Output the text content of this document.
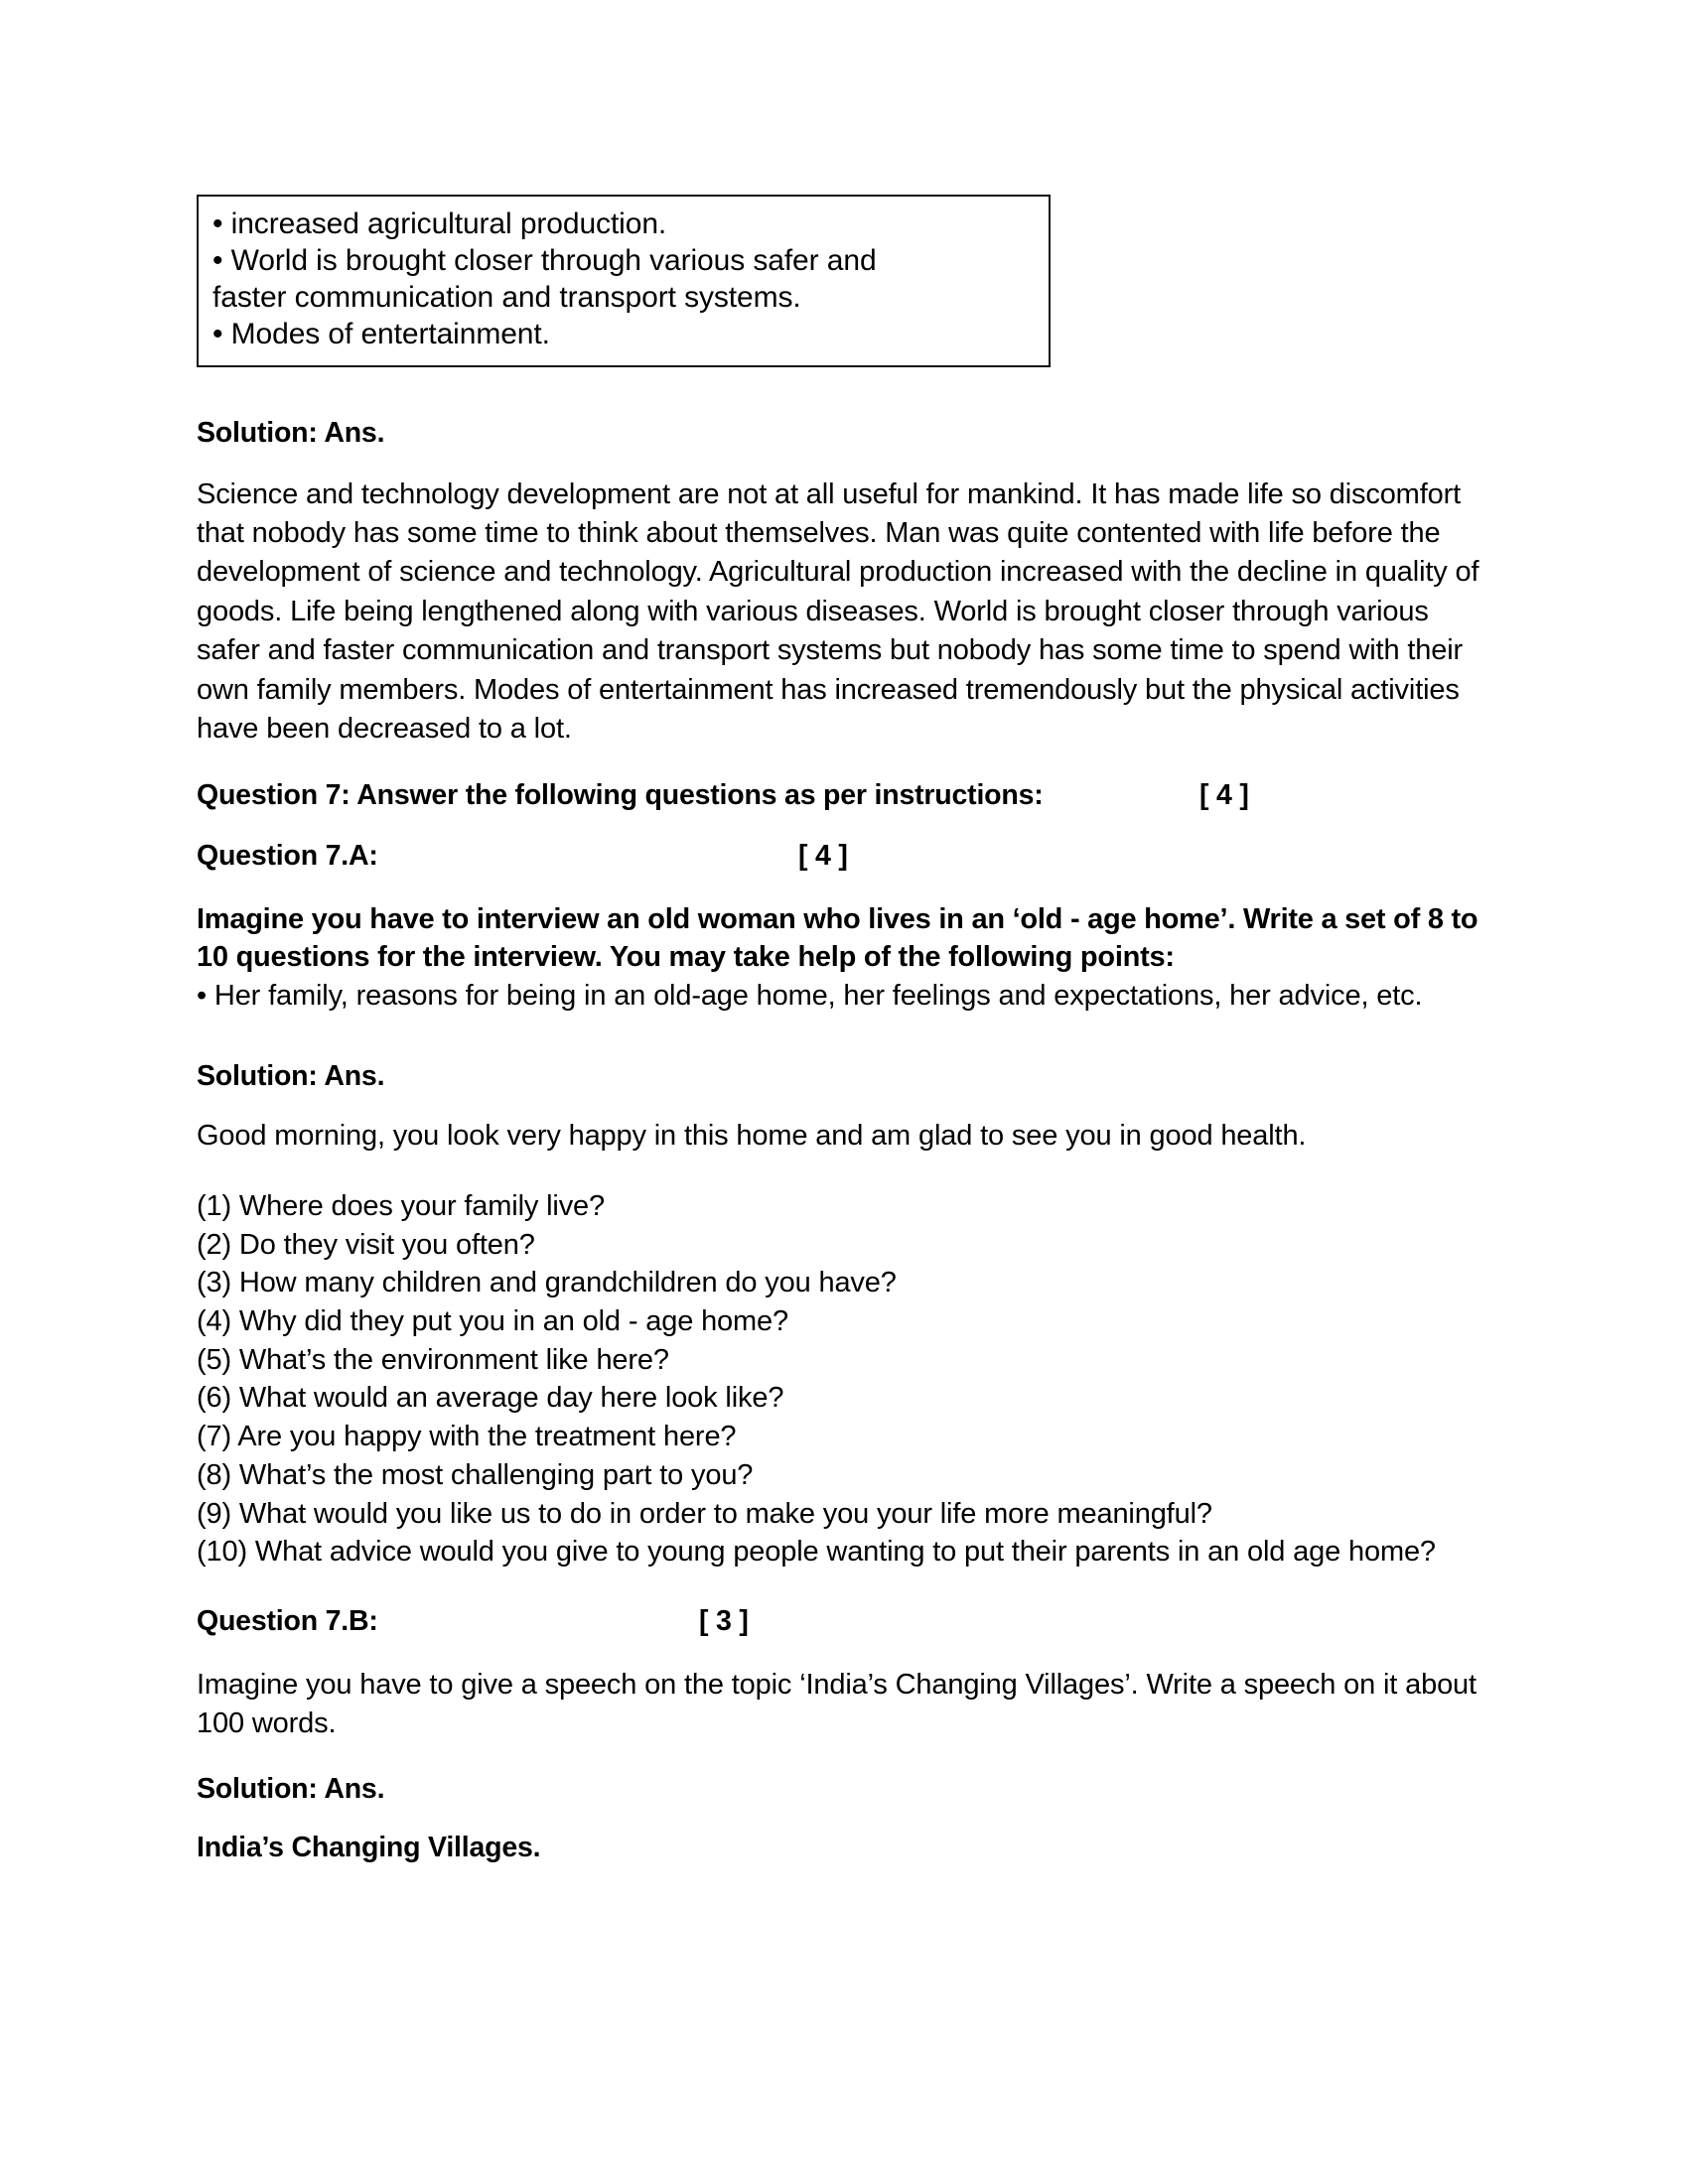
• increased agricultural production.
• World is brought closer through various safer and
faster communication and transport systems.
• Modes of entertainment.
Solution: Ans.

Science and technology development are not at all useful for mankind. It has made life so discomfort that nobody has some time to think about themselves. Man was quite contented with life before the development of science and technology. Agricultural production increased with the decline in quality of goods. Life being lengthened along with various diseases. World is brought closer through various safer and faster communication and transport systems but nobody has some time to spend with their own family members. Modes of entertainment has increased tremendously but the physical activities have been decreased to a lot.

Question 7: Answer the following questions as per instructions:	[ 4 ]
Question 7.A:	[ 4 ]

Imagine you have to interview an old woman who lives in an ‘old - age home’. Write a set of 8 to 10 questions for the interview. You may take help of the following points:

• Her family, reasons for being in an old-age home, her feelings and expectations, her advice, etc.

Solution: Ans.

Good morning, you look very happy in this home and am glad to see you in good health.

(1) Where does your family live?
(2) Do they visit you often?
(3) How many children and grandchildren do you have?
(4) Why did they put you in an old - age home?
(5) What’s the environment like here?
(6) What would an average day here look like?
(7) Are you happy with the treatment here?
(8) What’s the most challenging part to you?
(9) What would you like us to do in order to make you your life more meaningful?
(10) What advice would you give to young people wanting to put their parents in an old age home?
Question 7.B:	[ 3 ]

Imagine you have to give a speech on the topic ‘India’s Changing Villages’. Write a speech on it about 100 words.

Solution: Ans.
India’s Changing Villages.
